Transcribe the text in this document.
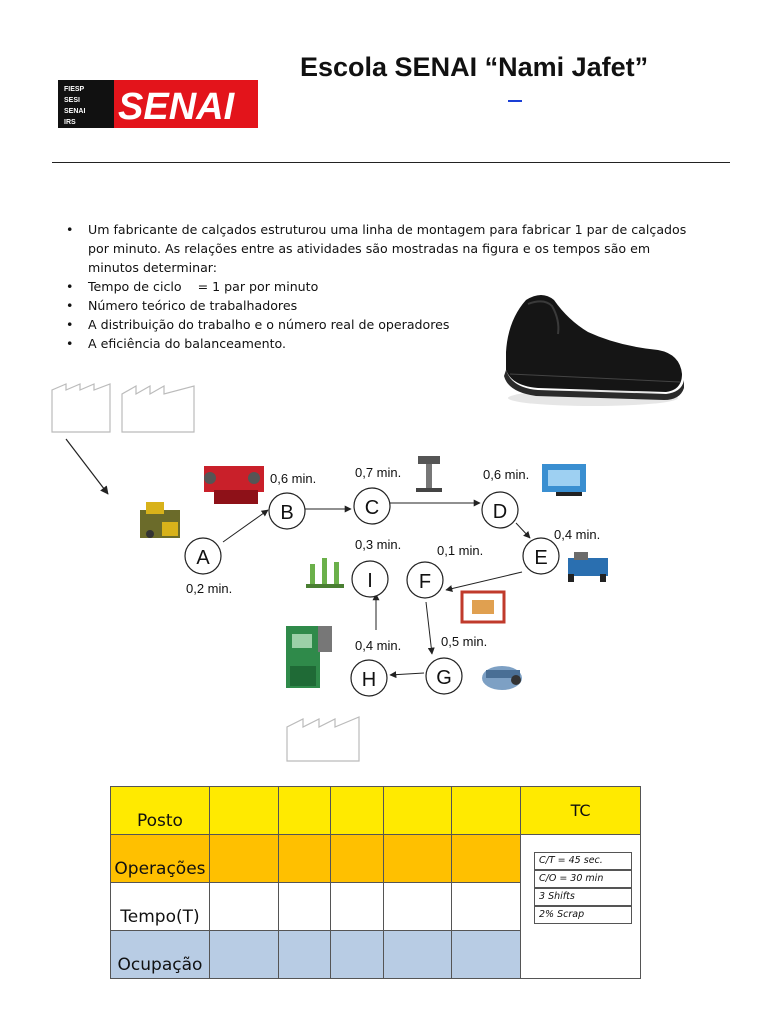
FIESP
SESI
SENAI
IRS SENAI
Escola SENAI “Nami Jafet”
• Um fabricante de calçados estruturou uma linha de montagem para fabricar 1 par de calçados por minuto. As relações entre as atividades são mostradas na figura e os tempos são em minutos determinar:
• Tempo de ciclo    = 1 par por minuto
• Número teórico de trabalhadores
• A distribuição do trabalho e o número real de operadores
• A eficiência do balanceamento.
A
B	C	D
E
F
G
H
I
0,2 min.
0,6 min.	0,7 min.	0,6 min.
0,4 min.
0,1 min.
0,5 min.
0,4 min.
0,3 min.
Posto						TC
Operações						
Tempo(T)						
Ocupação						
C/T = 45 sec.
C/O = 30 min
3 Shifts
2% Scrap
